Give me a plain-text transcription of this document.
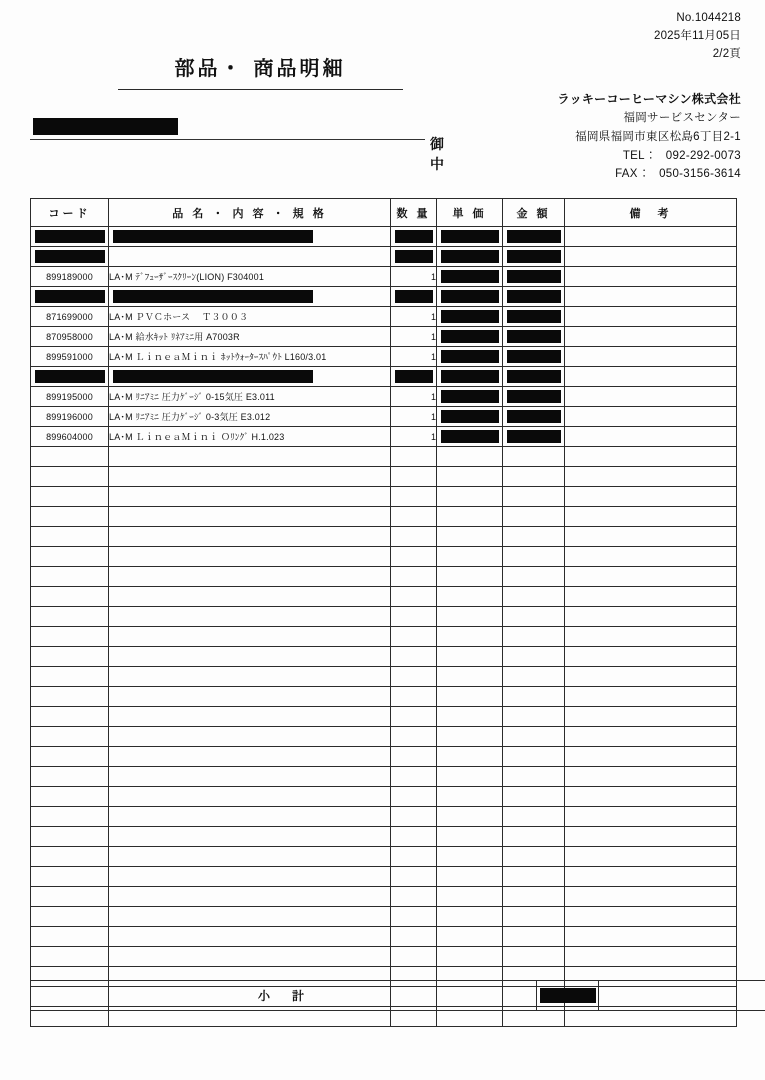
No.1044218
2025年11月05日
2/2頁
部品・ 商品明細
ラッキーコーヒーマシン株式会社
福岡サービスセンター
福岡県福岡市東区松島6丁目2‐1
TEL ：　092-292-0073
FAX ：　050-3156-3614
御中
コード	品 名 ・ 内 容 ・ 規 格	数 量	単 価	金 額	備　考

899189000	LA･M ﾃﾞﾌｭｰｻﾞｰｽｸﾘｰﾝ(LION) F304001	1	

871699000	LA･M ＰＶＣホース　 Ｔ３００３	1	

870958000	LA･M 給水ｷｯﾄ ﾘﾈｱﾐﾆ用 A7003R	1	

899591000	LA･M ＬｉｎｅａＭｉｎｉ ﾎｯﾄｳｫｰﾀｰｽﾊﾟｳﾄ L160/3.01	1	

899195000	LA･M ﾘﾆｱﾐﾆ 圧力ｹﾞｰｼﾞ 0-15気圧 E3.011	1	

899196000	LA･M ﾘﾆｱﾐﾆ 圧力ｹﾞｰｼﾞ 0-3気圧 E3.012	1	

899604000	LA･M ＬｉｎｅａＭｉｎｉ Ｏﾘﾝｸﾞ H.1.023	1	

小　計	
